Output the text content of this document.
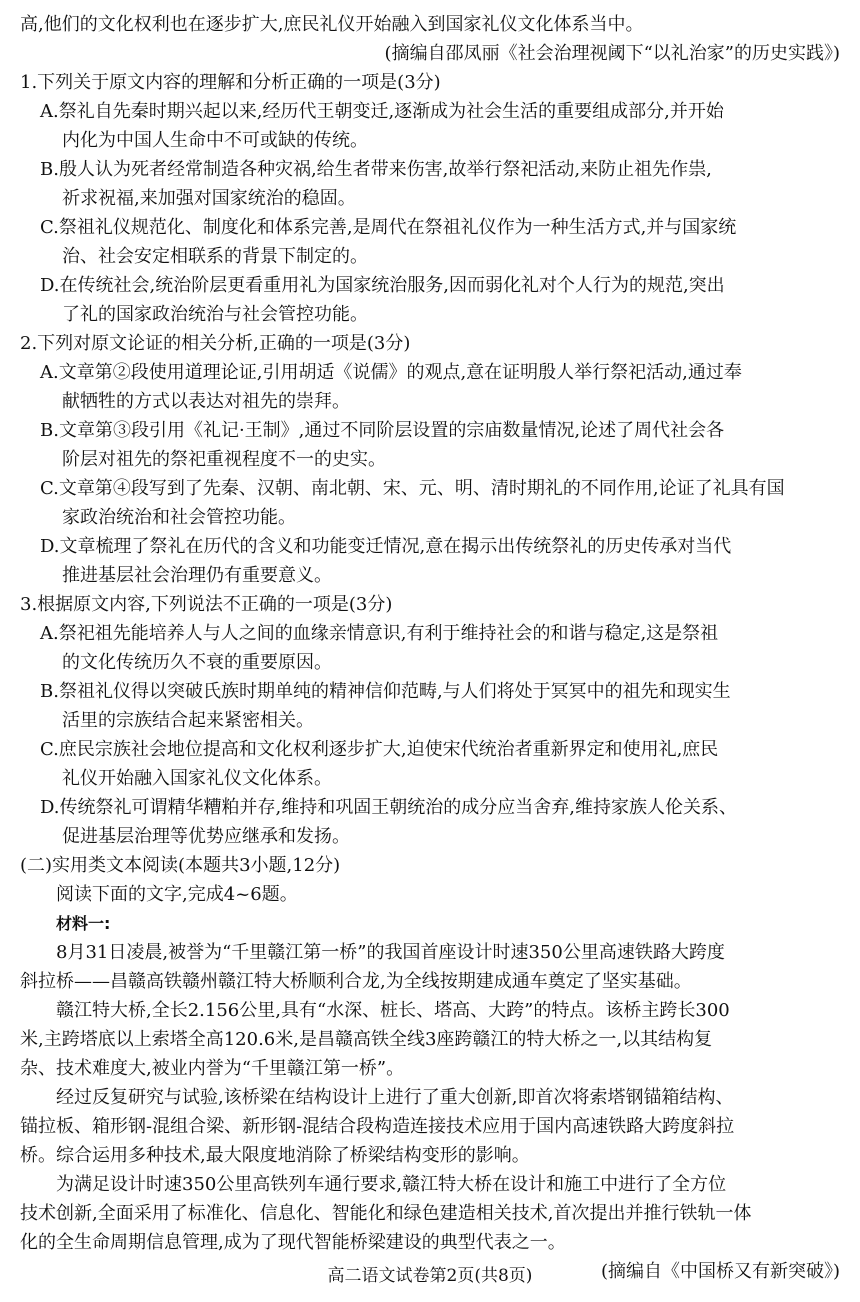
高,他们的文化权利也在逐步扩大,庶民礼仪开始融入到国家礼仪文化体系当中。
(摘编自邵凤丽《社会治理视阈下“以礼治家”的历史实践》)
1.下列关于原文内容的理解和分析正确的一项是(3分)
A.祭礼自先秦时期兴起以来,经历代王朝变迁,逐渐成为社会生活的重要组成部分,并开始
内化为中国人生命中不可或缺的传统。
B.殷人认为死者经常制造各种灾祸,给生者带来伤害,故举行祭祀活动,来防止祖先作祟,
祈求祝福,来加强对国家统治的稳固。
C.祭祖礼仪规范化、制度化和体系完善,是周代在祭祖礼仪作为一种生活方式,并与国家统
治、社会安定相联系的背景下制定的。
D.在传统社会,统治阶层更看重用礼为国家统治服务,因而弱化礼对个人行为的规范,突出
了礼的国家政治统治与社会管控功能。
2.下列对原文论证的相关分析,正确的一项是(3分)
A.文章第②段使用道理论证,引用胡适《说儒》的观点,意在证明殷人举行祭祀活动,通过奉
献牺牲的方式以表达对祖先的崇拜。
B.文章第③段引用《礼记·王制》,通过不同阶层设置的宗庙数量情况,论述了周代社会各
阶层对祖先的祭祀重视程度不一的史实。
C.文章第④段写到了先秦、汉朝、南北朝、宋、元、明、清时期礼的不同作用,论证了礼具有国
家政治统治和社会管控功能。
D.文章梳理了祭礼在历代的含义和功能变迁情况,意在揭示出传统祭礼的历史传承对当代
推进基层社会治理仍有重要意义。
3.根据原文内容,下列说法不正确的一项是(3分)
A.祭祀祖先能培养人与人之间的血缘亲情意识,有利于维持社会的和谐与稳定,这是祭祖
的文化传统历久不衰的重要原因。
B.祭祖礼仪得以突破氏族时期单纯的精神信仰范畴,与人们将处于冥冥中的祖先和现实生
活里的宗族结合起来紧密相关。
C.庶民宗族社会地位提高和文化权利逐步扩大,迫使宋代统治者重新界定和使用礼,庶民
礼仪开始融入国家礼仪文化体系。
D.传统祭礼可谓精华糟粕并存,维持和巩固王朝统治的成分应当舍弃,维持家族人伦关系、
促进基层治理等优势应继承和发扬。
(二)实用类文本阅读(本题共3小题,12分)
阅读下面的文字,完成4~6题。
材料一:
8月31日凌晨,被誉为“千里赣江第一桥”的我国首座设计时速350公里高速铁路大跨度
斜拉桥——昌赣高铁赣州赣江特大桥顺利合龙,为全线按期建成通车奠定了坚实基础。
赣江特大桥,全长2.156公里,具有“水深、桩长、塔高、大跨”的特点。该桥主跨长300
米,主跨塔底以上索塔全高120.6米,是昌赣高铁全线3座跨赣江的特大桥之一,以其结构复
杂、技术难度大,被业内誉为“千里赣江第一桥”。
经过反复研究与试验,该桥梁在结构设计上进行了重大创新,即首次将索塔钢锚箱结构、
锚拉板、箱形钢-混组合梁、新形钢-混结合段构造连接技术应用于国内高速铁路大跨度斜拉
桥。综合运用多种技术,最大限度地消除了桥梁结构变形的影响。
为满足设计时速350公里高铁列车通行要求,赣江特大桥在设计和施工中进行了全方位
技术创新,全面采用了标准化、信息化、智能化和绿色建造相关技术,首次提出并推行铁轨一体
化的全生命周期信息管理,成为了现代智能桥梁建设的典型代表之一。
(摘编自《中国桥又有新突破》)
高二语文试卷第2页(共8页)
